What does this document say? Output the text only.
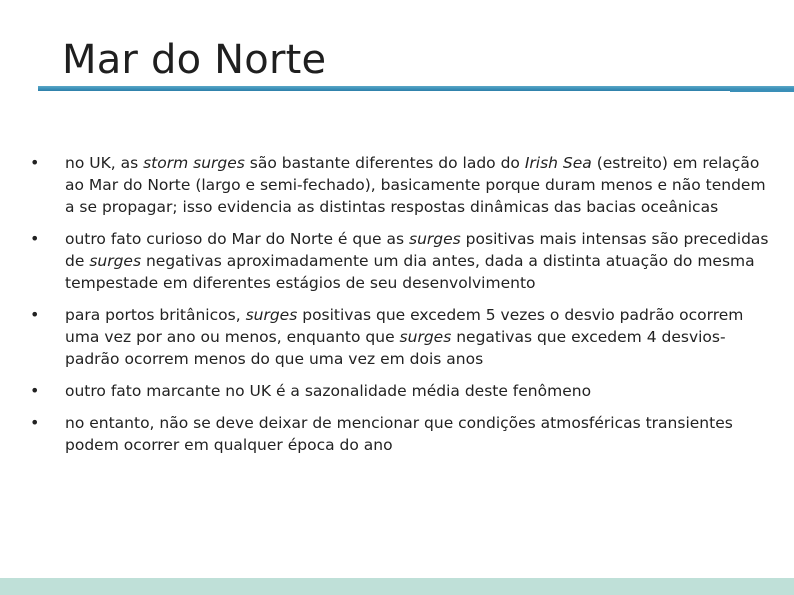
Mar do Norte
• no UK, as storm surges são bastante diferentes do lado do Irish Sea (estreito) em relação ao Mar do Norte (largo e semi-fechado), basicamente porque duram menos e não tendem a se propagar; isso evidencia as distintas respostas dinâmicas das bacias oceânicas
• outro fato curioso do Mar do Norte é que as surges positivas mais intensas são precedidas de surges negativas aproximadamente um dia antes, dada a distinta atuação do mesma tempestade em diferentes estágios de seu desenvolvimento
• para portos britânicos, surges positivas que excedem 5 vezes o desvio padrão ocorrem uma vez por ano ou menos, enquanto que surges negativas que excedem 4 desvios-padrão ocorrem menos do que uma vez em dois anos
• outro fato marcante no UK é a sazonalidade média deste fenômeno
• no entanto, não se deve deixar de mencionar que condições atmosféricas transientes podem ocorrer em qualquer época do ano
